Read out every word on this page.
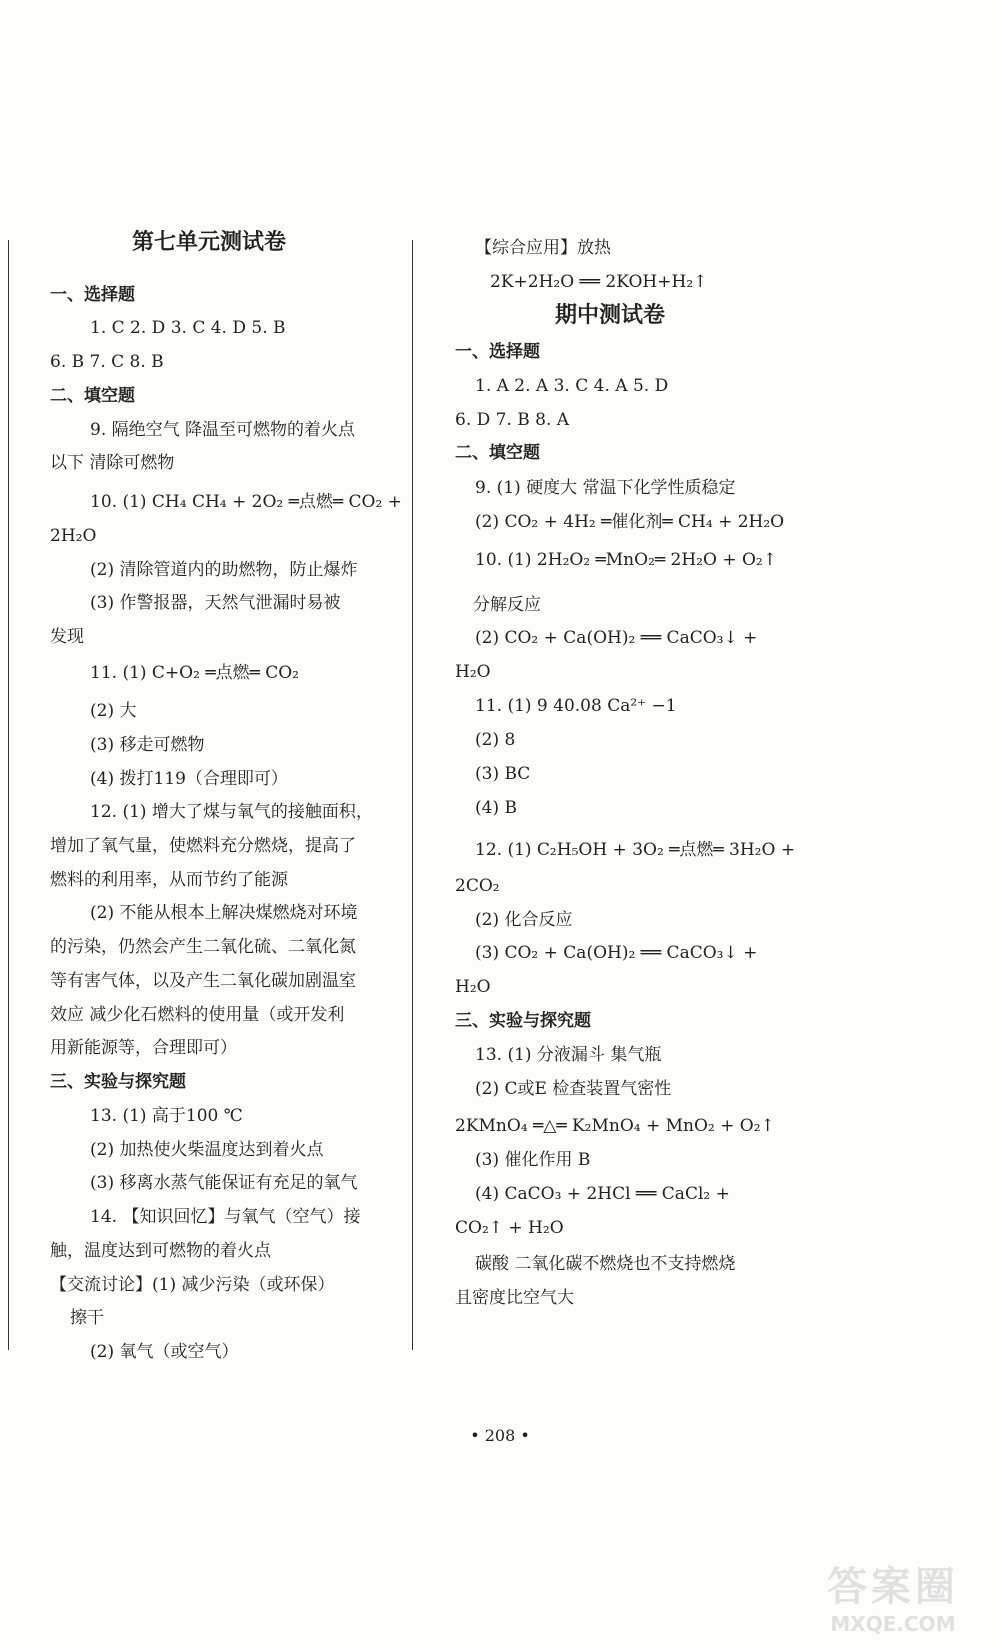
第七单元测试卷
一、选择题
1. C 2. D 3. C 4. D 5. B
6. B 7. C 8. B
二、填空题
9. 隔绝空气 降温至可燃物的着火点
以下 清除可燃物
10. (1) CH₄ CH₄ + 2O₂ ═点燃═ CO₂ +
2H₂O
(2) 清除管道内的助燃物，防止爆炸
(3) 作警报器，天然气泄漏时易被
发现
11. (1) C+O₂ ═点燃═ CO₂
(2) 大
(3) 移走可燃物
(4) 拨打119（合理即可）
12. (1) 增大了煤与氧气的接触面积，
增加了氧气量，使燃料充分燃烧，提高了
燃料的利用率，从而节约了能源
(2) 不能从根本上解决煤燃烧对环境
的污染，仍然会产生二氧化硫、二氧化氮
等有害气体，以及产生二氧化碳加剧温室
效应 减少化石燃料的使用量（或开发利
用新能源等，合理即可）
三、实验与探究题
13. (1) 高于100 ℃
(2) 加热使火柴温度达到着火点
(3) 移离水蒸气能保证有充足的氧气
14. 【知识回忆】与氧气（空气）接
触，温度达到可燃物的着火点
【交流讨论】(1) 减少污染（或环保）
擦干
(2) 氧气（或空气）
【综合应用】放热
2K+2H₂O ══ 2KOH+H₂↑
期中测试卷
一、选择题
1. A 2. A 3. C 4. A 5. D
6. D 7. B 8. A
二、填空题
9. (1) 硬度大 常温下化学性质稳定
(2) CO₂ + 4H₂ ═催化剂═ CH₄ + 2H₂O
10. (1) 2H₂O₂ ═MnO₂═ 2H₂O + O₂↑
分解反应
(2) CO₂ + Ca(OH)₂ ══ CaCO₃↓ +
H₂O
11. (1) 9 40.08 Ca²⁺ −1
(2) 8
(3) BC
(4) B
12. (1) C₂H₅OH + 3O₂ ═点燃═ 3H₂O +
2CO₂
(2) 化合反应
(3) CO₂ + Ca(OH)₂ ══ CaCO₃↓ +
H₂O
三、实验与探究题
13. (1) 分液漏斗 集气瓶
(2) C或E 检查装置气密性
2KMnO₄ ═△═ K₂MnO₄ + MnO₂ + O₂↑
(3) 催化作用 B
(4) CaCO₃ + 2HCl ══ CaCl₂ +
CO₂↑ + H₂O
碳酸 二氧化碳不燃烧也不支持燃烧
且密度比空气大
• 208 •
答案圈
MXQE.COM
